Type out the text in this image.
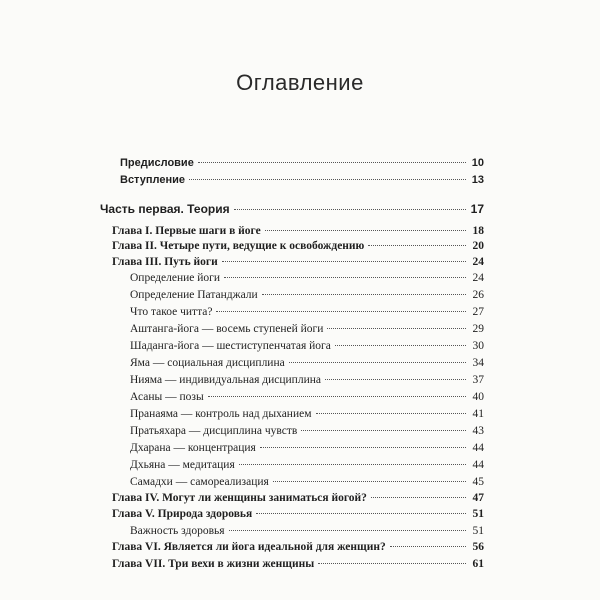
Оглавление
Предисловие	10
Вступление	13
Часть первая. Теория	17
Глава I. Первые шаги в йоге	18
Глава II. Четыре пути, ведущие к освобождению	20
Глава III. Путь йоги	24
Определение йоги	24
Определение Патанджали	26
Что такое читта?	27
Аштанга-йога — восемь ступеней йоги	29
Шаданга-йога — шестиступенчатая йога	30
Яма — социальная дисциплина	34
Нияма — индивидуальная дисциплина	37
Асаны — позы	40
Пранаяма — контроль над дыханием	41
Пратьяхара — дисциплина чувств	43
Дхарана — концентрация	44
Дхьяна — медитация	44
Самадхи — самореализация	45
Глава IV. Могут ли женщины заниматься йогой?	47
Глава V. Природа здоровья	51
Важность здоровья	51
Глава VI. Является ли йога идеальной для женщин?	56
Глава VII. Три вехи в жизни женщины	61
